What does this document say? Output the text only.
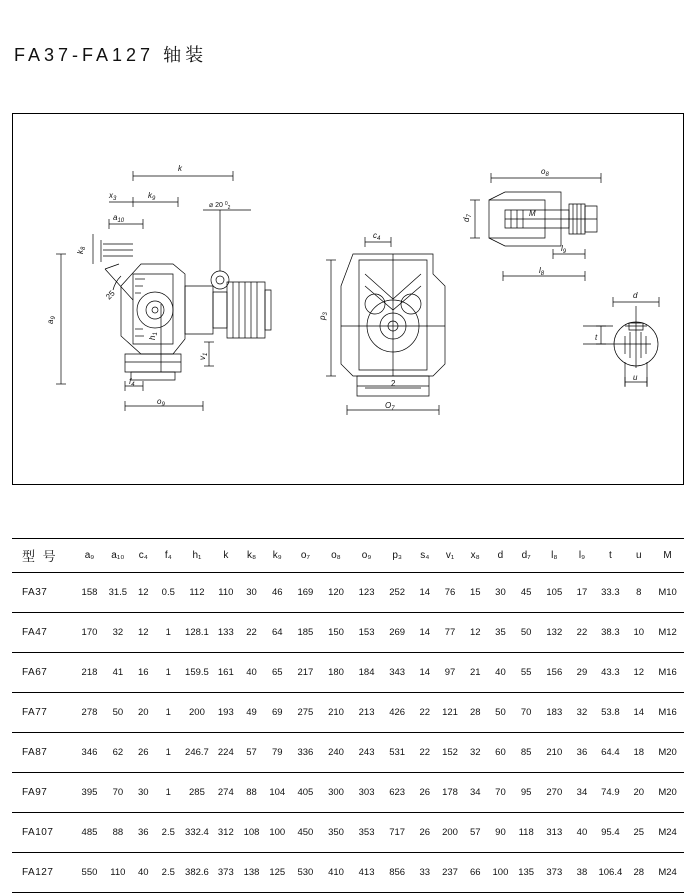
FA37-FA127 轴装
k
$k_9$
$x_3$
$a_{10}$
$k_8$
$a_9$
25
⌀ 20 $^0_2$
$h_1$
$v_1$
$f_4$
$o_9$
$c_4$
$p_3$
2
$O_7$
$o_8$
$d_7$	M
$l_9$
$l_8$
d
t
u
型 号	a₉	a₁₀	c₄	f₄	h₁	k	k₈	k₉	o₇	o₈	o₉	p₃	s₄	v₁	x₈	d	d₇	l₈	l₉	t	u	M
FA37	158	31.5	12	0.5	112	110	30	46	169	120	123	252	14	76	15	30	45	105	17	33.3	8	M10
FA47	170	32	12	1	128.1	133	22	64	185	150	153	269	14	77	12	35	50	132	22	38.3	10	M12
FA67	218	41	16	1	159.5	161	40	65	217	180	184	343	14	97	21	40	55	156	29	43.3	12	M16
FA77	278	50	20	1	200	193	49	69	275	210	213	426	22	121	28	50	70	183	32	53.8	14	M16
FA87	346	62	26	1	246.7	224	57	79	336	240	243	531	22	152	32	60	85	210	36	64.4	18	M20
FA97	395	70	30	1	285	274	88	104	405	300	303	623	26	178	34	70	95	270	34	74.9	20	M20
FA107	485	88	36	2.5	332.4	312	108	100	450	350	353	717	26	200	57	90	118	313	40	95.4	25	M24
FA127	550	110	40	2.5	382.6	373	138	125	530	410	413	856	33	237	66	100	135	373	38	106.4	28	M24
